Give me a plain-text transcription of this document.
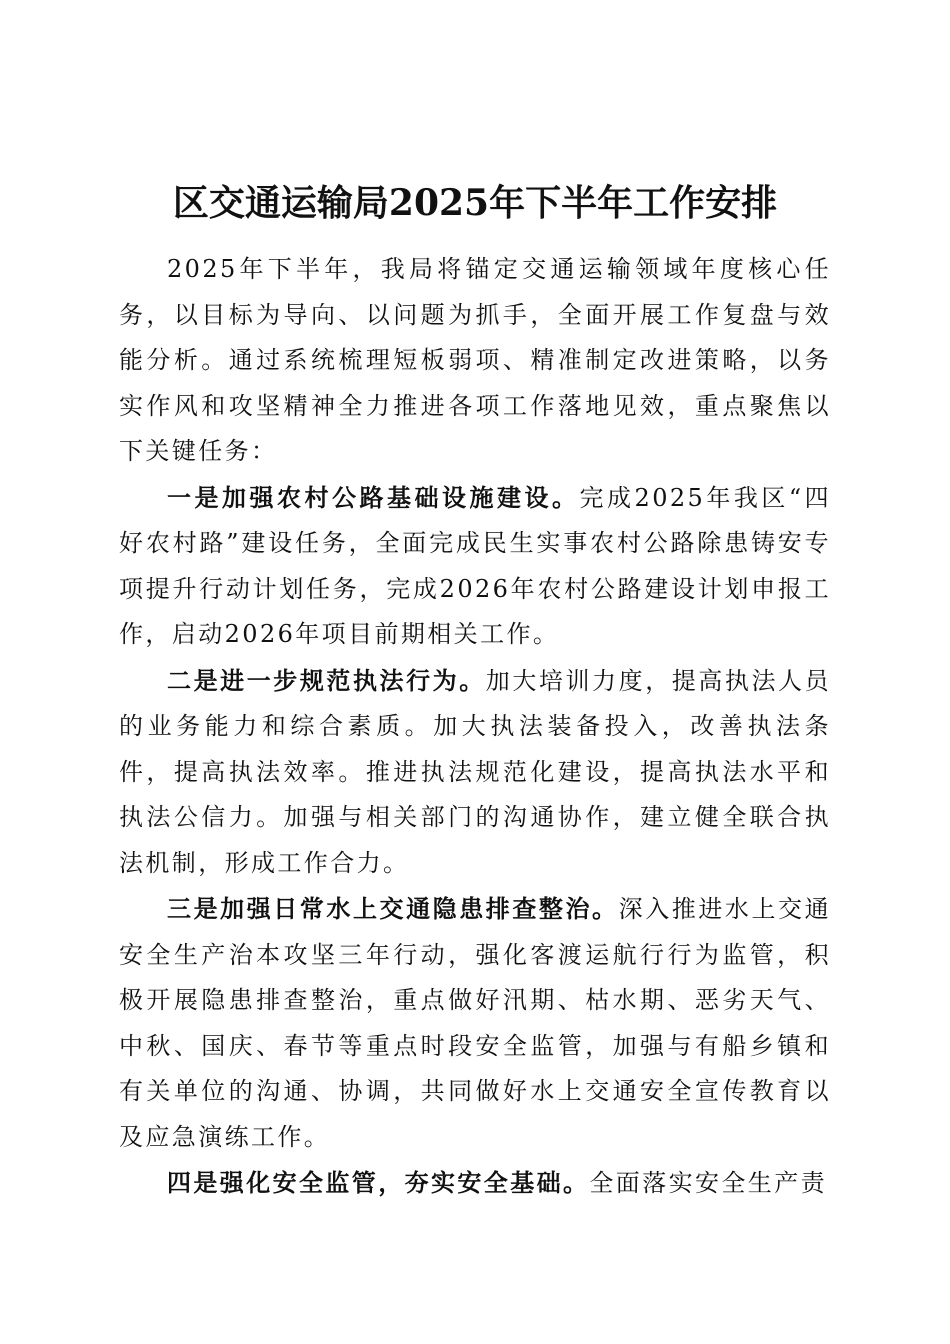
区交通运输局2025年下半年工作安排

2025年下半年，我局将锚定交通运输领域年度核心任务，以目标为导向、以问题为抓手，全面开展工作复盘与效能分析。通过系统梳理短板弱项、精准制定改进策略，以务实作风和攻坚精神全力推进各项工作落地见效，重点聚焦以下关键任务：

一是加强农村公路基础设施建设。完成2025年我区“四好农村路”建设任务，全面完成民生实事农村公路除患铸安专项提升行动计划任务，完成2026年农村公路建设计划申报工作，启动2026年项目前期相关工作。

二是进一步规范执法行为。加大培训力度，提高执法人员的业务能力和综合素质。加大执法装备投入，改善执法条件，提高执法效率。推进执法规范化建设，提高执法水平和执法公信力。加强与相关部门的沟通协作，建立健全联合执法机制，形成工作合力。

三是加强日常水上交通隐患排查整治。深入推进水上交通安全生产治本攻坚三年行动，强化客渡运航行行为监管，积极开展隐患排查整治，重点做好汛期、枯水期、恶劣天气、中秋、国庆、春节等重点时段安全监管，加强与有船乡镇和有关单位的沟通、协调，共同做好水上交通安全宣传教育以及应急演练工作。

四是强化安全监管，夯实安全基础。全面落实安全生产责
